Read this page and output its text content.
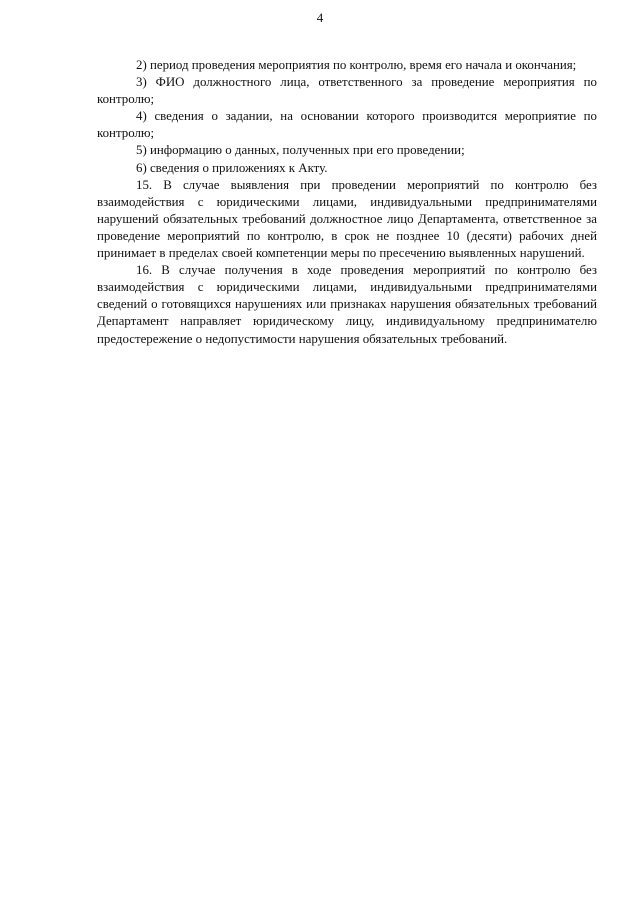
4

2) период проведения мероприятия по контролю, время его начала и окончания;

3) ФИО должностного лица, ответственного за проведение мероприятия по контролю;

4) сведения о задании, на основании которого производится мероприятие по контролю;

5) информацию о данных, полученных при его проведении;

6) сведения о приложениях к Акту.

15. В случае выявления при проведении мероприятий по контролю без взаимодействия с юридическими лицами, индивидуальными предпринимателями нарушений обязательных требований должностное лицо Департамента, ответственное за проведение мероприятий по контролю, в срок не позднее 10 (десяти) рабочих дней принимает в пределах своей компетенции меры по пресечению выявленных нарушений.

16. В случае получения в ходе проведения мероприятий по контролю без взаимодействия с юридическими лицами, индивидуальными предпринимателями сведений о готовящихся нарушениях или признаках нарушения обязательных требований Департамент направляет юридическому лицу, индивидуальному предпринимателю предостережение о недопустимости нарушения обязательных требований.
